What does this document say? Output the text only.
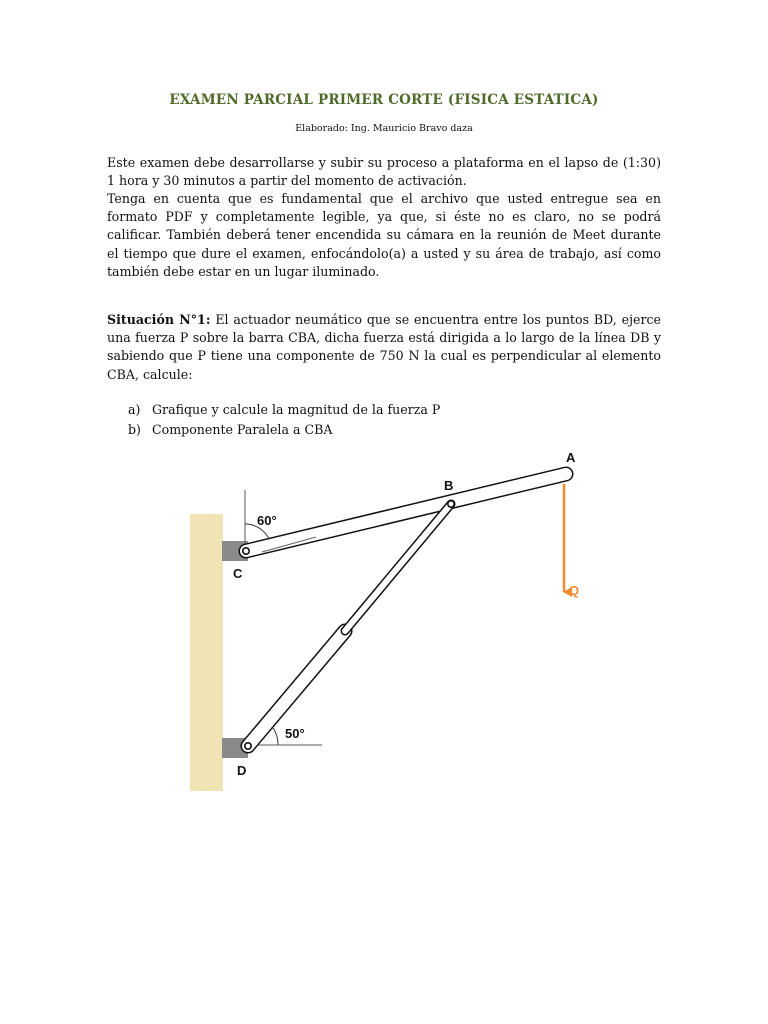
EXAMEN PARCIAL PRIMER CORTE (FISICA ESTATICA)
Elaborado: Ing. Mauricio Bravo daza
Este examen debe desarrollarse y subir su proceso a plataforma en el lapso de (1:30) 1 hora y 30 minutos a partir del momento de activación.
Tenga en cuenta que es fundamental que el archivo que usted entregue sea en formato PDF y completamente legible, ya que, si éste no es claro, no se podrá calificar. También deberá tener encendida su cámara en la reunión de Meet durante el tiempo que dure el examen, enfocándolo(a) a usted y su área de trabajo, así como también debe estar en un lugar iluminado.
Situación N°1: El actuador neumático que se encuentra entre los puntos BD, ejerce una fuerza P sobre la barra CBA, dicha fuerza está dirigida a lo largo de la línea DB y sabiendo que P tiene una componente de 750 N la cual es perpendicular al elemento CBA, calcule:
a) Grafique y calcule la magnitud de la fuerza P
b) Componente Paralela a CBA
A
B
C
D
60°
50°
Q
